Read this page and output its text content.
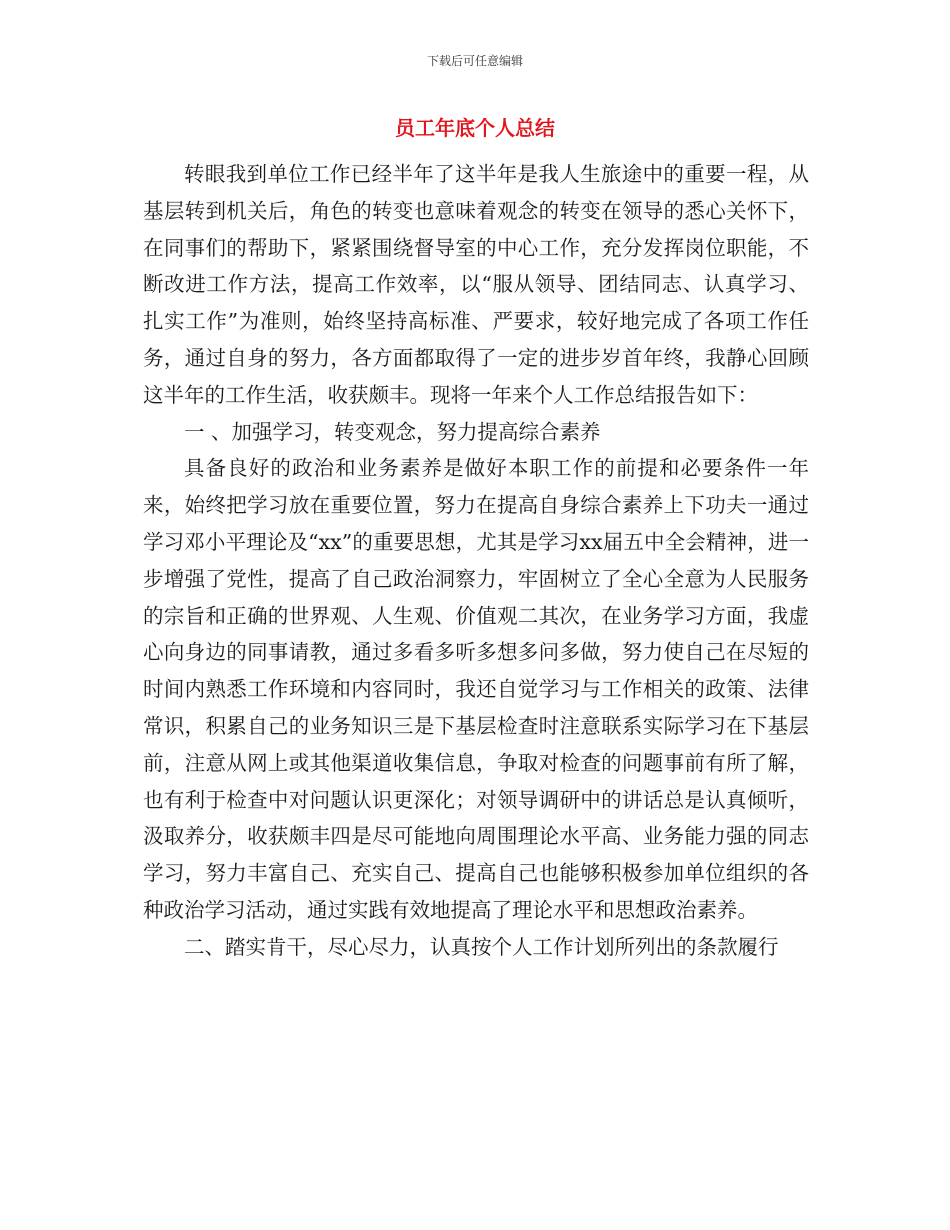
下载后可任意编辑
员工年底个人总结

转眼我到单位工作已经半年了这半年是我人生旅途中的重要一程，从基层转到机关后，角色的转变也意味着观念的转变在领导的悉心关怀下，在同事们的帮助下，紧紧围绕督导室的中心工作，充分发挥岗位职能，不断改进工作方法，提高工作效率，以“服从领导、团结同志、认真学习、扎实工作”为准则，始终坚持高标准、严要求，较好地完成了各项工作任务，通过自身的努力，各方面都取得了一定的进步岁首年终，我静心回顾这半年的工作生活，收获颇丰。现将一年来个人工作总结报告如下：

一 、加强学习，转变观念，努力提高综合素养

具备良好的政治和业务素养是做好本职工作的前提和必要条件一年来，始终把学习放在重要位置，努力在提高自身综合素养上下功夫一通过学习邓小平理论及“xx”的重要思想，尤其是学习xx届五中全会精神，进一步增强了党性，提高了自己政治洞察力，牢固树立了全心全意为人民服务的宗旨和正确的世界观、人生观、价值观二其次，在业务学习方面，我虚心向身边的同事请教，通过多看多听多想多问多做，努力使自己在尽短的时间内熟悉工作环境和内容同时，我还自觉学习与工作相关的政策、法律常识，积累自己的业务知识三是下基层检查时注意联系实际学习在下基层前，注意从网上或其他渠道收集信息，争取对检查的问题事前有所了解，也有利于检查中对问题认识更深化；对领导调研中的讲话总是认真倾听，汲取养分，收获颇丰四是尽可能地向周围理论水平高、业务能力强的同志学习，努力丰富自己、充实自己、提高自己也能够积极参加单位组织的各种政治学习活动，通过实践有效地提高了理论水平和思想政治素养。

二、踏实肯干，尽心尽力，认真按个人工作计划所列出的条款履行
